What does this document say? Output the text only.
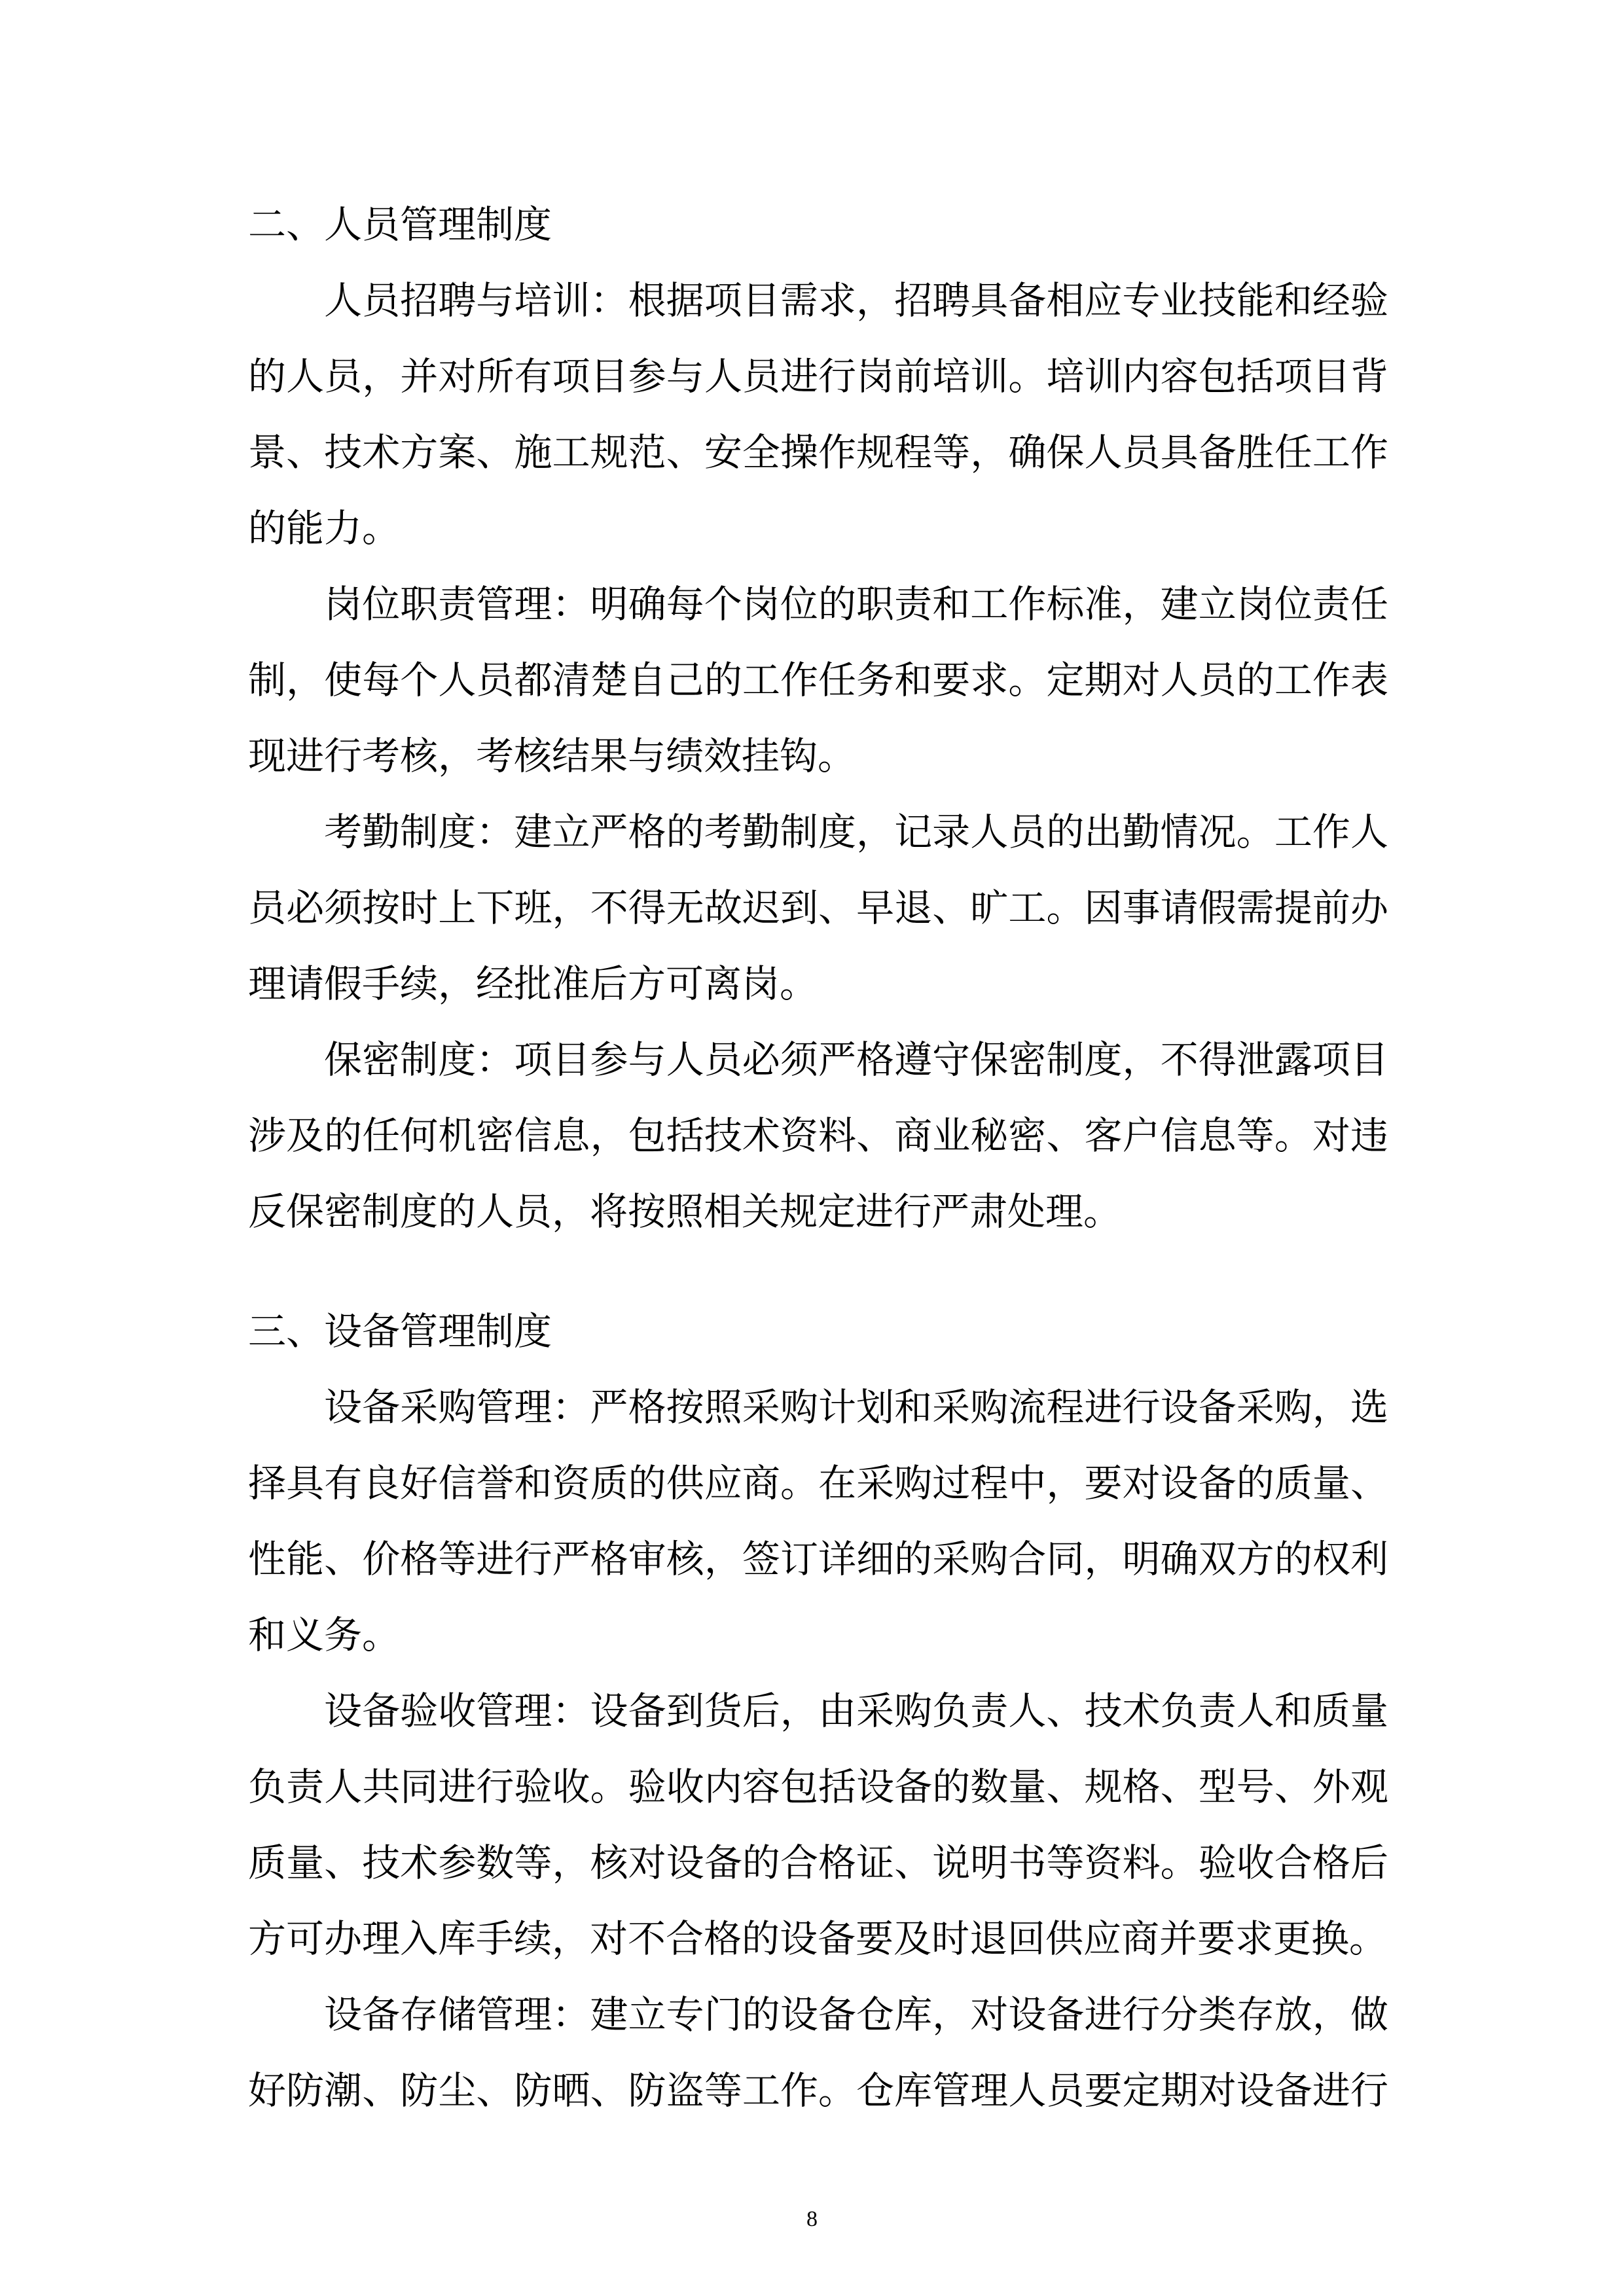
二、人员管理制度
人员招聘与培训：根据项目需求，招聘具备相应专业技能和经验
的人员，并对所有项目参与人员进行岗前培训。培训内容包括项目背
景、技术方案、施工规范、安全操作规程等，确保人员具备胜任工作
的能力。
岗位职责管理：明确每个岗位的职责和工作标准，建立岗位责任
制，使每个人员都清楚自己的工作任务和要求。定期对人员的工作表
现进行考核，考核结果与绩效挂钩。
考勤制度：建立严格的考勤制度，记录人员的出勤情况。工作人
员必须按时上下班，不得无故迟到、早退、旷工。因事请假需提前办
理请假手续，经批准后方可离岗。
保密制度：项目参与人员必须严格遵守保密制度，不得泄露项目
涉及的任何机密信息，包括技术资料、商业秘密、客户信息等。对违
反保密制度的人员，将按照相关规定进行严肃处理。
三、设备管理制度
设备采购管理：严格按照采购计划和采购流程进行设备采购，选
择具有良好信誉和资质的供应商。在采购过程中，要对设备的质量、
性能、价格等进行严格审核，签订详细的采购合同，明确双方的权利
和义务。
设备验收管理：设备到货后，由采购负责人、技术负责人和质量
负责人共同进行验收。验收内容包括设备的数量、规格、型号、外观
质量、技术参数等，核对设备的合格证、说明书等资料。验收合格后
方可办理入库手续，对不合格的设备要及时退回供应商并要求更换。
设备存储管理：建立专门的设备仓库，对设备进行分类存放，做
好防潮、防尘、防晒、防盗等工作。仓库管理人员要定期对设备进行
8
